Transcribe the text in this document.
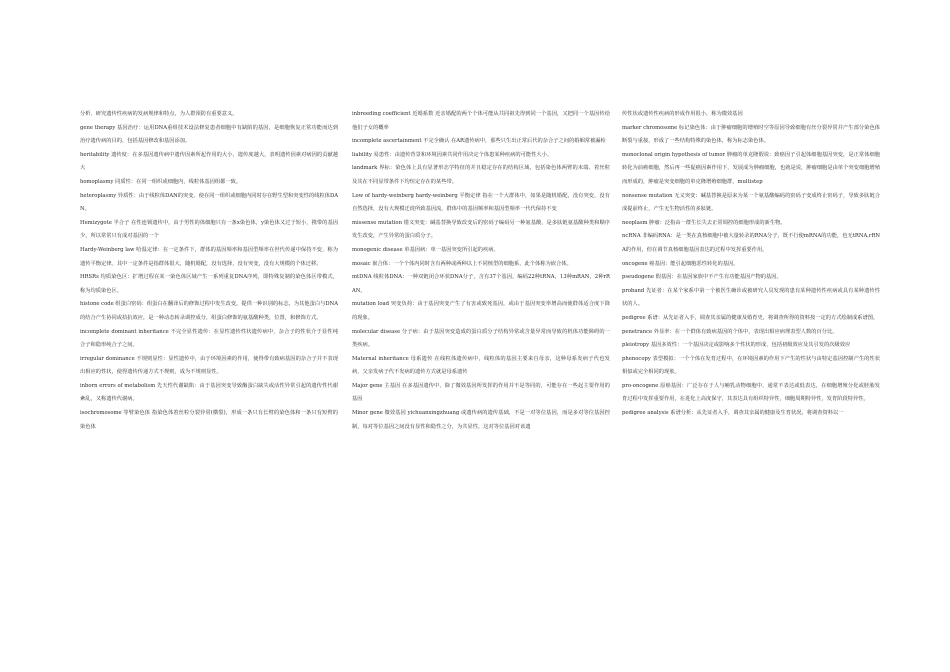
分析、研究遗传性疾病的发病规律和特点，为人群预防有重要意义。

gene therapy 基因治疗：运用DNA重组技术设法修复患者细胞中有缺陷的基因，是细胞恢复正常功能而达到治疗遗传病的目的，包括基因修改和基因添加。

heritability 遗传度：在多基因遗传病中遗传因素所起作用的大小，遗传度越大，表明遗传因素对病因的贡献越大

homoplasmy 同质性：在同一组织或细胞内，线粒体基因组都一致。

heteroplasmy 异质性：由于线粒体DAN的突变，使在同一组织或细胞内同时存在野生型和突变性的线粒体DAN。

Hemizygote 半合子 在性连锁遗传中，由于男性的体细胞只有一条x染色体，y染色体又过于短小，携带的基因少，所以常常只有成对基因的一个

Hardy-Weinberg law 哈温定律：在一定条件下，群体的基因频率和基因型频率在世代传递中保持不变，称为遗传平衡定律。其中一定条件是指群体很大，随机婚配，没有选择，没有突变，没有大规模的个体迁移。

HRSRs 均质染色区：扩增过程在某一染色体区域产生一系列重复DNA序列，即特殊复制的染色体区带模式，称为均质染色区。

histone code 组蛋白密码：组蛋白在翻译后的修饰过程中发生改变，提供一种识别的标志，为其他蛋白与DNA的结合产生协同或拮抗效应，是一种动态转录调控成分，组蛋白修饰的氨基酸种类，位置，和修饰方式。

incomplete dominant inheritance 不完全显性遗传：在显性遗传性状遗传病中，杂合子的性状介于显性纯合子和隐形纯合子之间。

irregular dominance 不规则显性：显性遗传中，由于环境因素的作用，使得带有致病基因的杂合子并不表现出相应的性状，使得遗传传递方式不规则，成为不规则显性。

inborn errors of metabolism 先天性代谢缺陷：由于基因突变导致酶蛋白缺失或活性异常引起的遗传性代谢紊乱，又称遗传代谢病。

isochromosome 等臂染色体 指染色体着丝粒分裂异常(横裂)，形成一条只有长臂的染色体和一条只有短臂的染色体

inbreeding coefficient 近婚系数 近亲婚配的两个个体可能从共同祖先得到同一个基因，又把同一个基因传给他们子女的概率

incomplete ascertainment 不完全确认 在AR遗传病中，那些只生出正常后代的杂合子之间的婚姻常被漏检

liability 易患性：由遗传背景和环境因素共同作用决定个体患某种疾病的可能性大小。

landmark 界标：染色体上具有显著形态学特征的并且稳定存在的结构区域，包括染色体两臂的末端、着丝粒及其在不同显带条件下均恒定存在的某些带。

Low of hardy-weinberg hardy-weinberg 平衡定律 指在一个大群体中，如果是随机婚配，没有突变，没有自然选择，没有大规模迁徙所致基因流，群体中的基因频率和基因型频率一代代保持不变

missense mutation 错义突变：碱基替换导致改变后的密码子编码另一种氨基酸，是多肽链氨基酸种类和顺序发生改变，产生异常的蛋白质分子。

monogenic disease 单基因病：单一基因突变所引起的疾病。

mosaic 嵌合体：一个个体内同时含有两种或两种以上不同核型的细胞系，此个体称为嵌合体。

mtDNA 线粒体DNA：一种双链闭合环状DNA分子，含有37个基因，编码22种tRNA，13种mRAN，2种rRAN。

mutation load 突变负荷：由于基因突变产生了有害或致死基因，或由于基因突变率增高而使群体适合度下降的现象。

molecular disease 分子病：由于基因突变造成的蛋白质分子结构异常或含量异常而导致的机体功能障碍的一类疾病。

Maternal inheritance 母系遗传 在线粒体遗传病中，线粒体的基因主要来自母亲，这种母系发病子代也发病，父亲发病子代不发病的遗传方式就是母系遗传

Major gene 主基因 在多基因遗传中，除了微效基因所发挥的作用并不是等同的，可能存在一些起主要作用的基因

Minor gene 微效基因 yichuanxingzhuang 或遗传病的遗传基础，不是一对等位基因，而是多对等位基因控制，每对等位基因之间没有显性和隐性之分，为共显性，这对等位基因对该遗

传性状或遗传性疾病的形成作用很小，称为微效基因

marker chromosome 标记染色体：由于肿瘤细胞的增殖时空等原因导致细胞有丝分裂异常并产生部分染色体断裂与重接，形成了一些结构特殊的染色体，称为标志染色体。

monoclonal origin hypothesis of tumor 肿瘤的单克隆假说：致癌因子引起体细胞基因突变，是正常体细胞转化为前癌细胞，然后再一些促癌因素作用下，发展成为肿瘤细胞，也就是说，肿瘤细胞是由单个突变细胞增殖而形成的，肿瘤是突变细胞的单克隆增殖细胞群，multistep

nonsense mutation 无义突变：碱基替换是原来为某一个氨基酸编码的密码子变成终止密码子，导致多肽链合成提前终止，产生无生物活性的多肽链。

neoplasm 肿瘤：泛指由一群生长失去正常调控的细胞形成的新生物。

ncRNA 非编码RNA：是一类在真核细胞中被大量转录的RNA分子，既不行使mRNA的功能，也无tRNA,rRNA的作用，但在调节真核细胞基因表达的过程中发挥重要作用。

oncogene 癌基因：能引起细胞恶性转化的基因。

pseudogene 假基因：在基因家族中不产生有功能基因产物的基因。

proband 先证者：在某个家系中第一个被医生确诊或被研究人员发现的患有某种遗传性疾病或具有某种遗传性状的人。

pedigree 系谱：从先证者入手，调查其亲属的健康及婚育史，将调查所得的资料按一定的方式绘制成系谱图。

penetrance 外显率：在一个群体有致病基因的个体中，表现出相应病理表型人数的百分比。

pleiotropy 基因多效性：一个基因决定或影响多个性状的形成，包括初级效应及其引发的次级效应

phenocopy 表型模拟：一个个体在发育过程中，在环境因素的作用下产生的性状与由特定基因控制产生的性状相似或完全相同的现象。

pro-oncogene 原癌基因：广泛存在于人与哺乳动物细胞中，通常不表达或低表达，在细胞增殖分化或胚胎发育过程中发挥重要作用，在进化上高度保守，其表达具有组织特异性，细胞周期特异性，发育阶段特异性。

pedigree analysis 系谱分析：从先证者入手，调查其亲属的健康及生育状况，将调查资料以一
